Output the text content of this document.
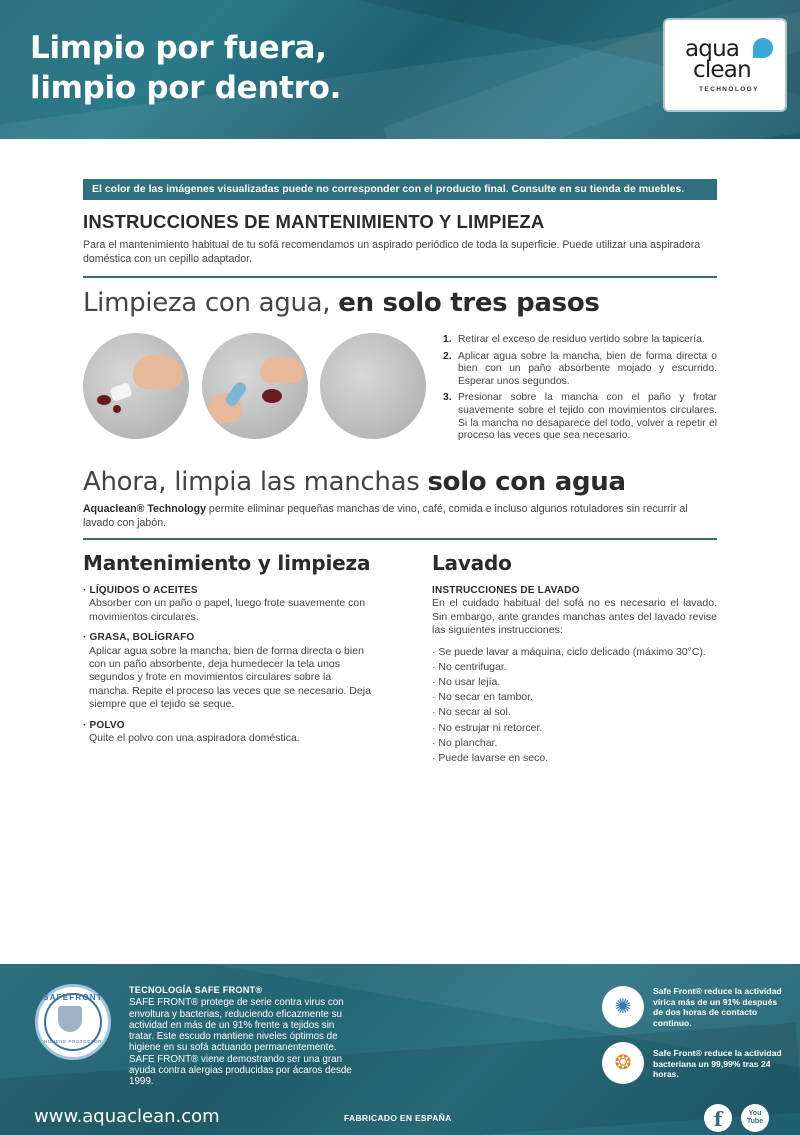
Limpio por fuera,
limpio por dentro.
aqua
clean
TECHNOLOGY
El color de las imágenes visualizadas puede no corresponder con el producto final. Consulte en su tienda de muebles.
INSTRUCCIONES DE MANTENIMIENTO Y LIMPIEZA
Para el mantenimiento habitual de tu sofá recomendamos un aspirado periódico de toda la superficie. Puede utilizar una aspiradora doméstica con un cepillo adaptador.
Limpieza con agua, en solo tres pasos
1. Retirar el exceso de residuo vertido sobre la tapicería.
2. Aplicar agua sobre la mancha, bien de forma directa o bien con un paño absorbente mojado y escurrido. Esperar unos segundos.
3. Presionar sobre la mancha con el paño y frotar suavemente sobre el tejido con movimientos circulares. Si la mancha no desaparece del todo, volver a repetir el proceso las veces que sea necesario.
Ahora, limpia las manchas solo con agua
Aquaclean® Technology permite eliminar pequeñas manchas de vino, café, comida e incluso algunos rotuladores sin recurrir al lavado con jabón.
Mantenimiento y limpieza
· LÍQUIDOS O ACEITES
Absorber con un paño o papel, luego frote suavemente con movimientos circulares.
· GRASA, BOLÍGRAFO
Aplicar agua sobre la mancha, bien de forma directa o bien con un paño absorbente, deja humedecer la tela unos segundos y frote en movimientos circulares sobre la mancha. Repite el proceso las veces que se necesario. Deja siempre que el tejido se seque.
· POLVO
Quite el polvo con una aspiradora doméstica.
Lavado
INSTRUCCIONES DE LAVADO
En el cuidado habitual del sofá no es necesario el lavado. Sin embargo, ante grandes manchas antes del lavado revise las siguientes instrucciones:
· Se puede lavar a máquina, ciclo delicado (máximo 30°C).
· No centrifugar.
· No usar lejía.
· No secar en tambor.
· No secar al sol.
· No estrujar ni retorcer.
· No planchar.
· Puede lavarse en seco.
SAFEFRONT
HIGIENE PROTECTOR
TECNOLOGÍA SAFE FRONT®
SAFE FRONT® protege de serie contra virus con envoltura y bacterias, reduciendo eficazmente su actividad en más de un 91% frente a tejidos sin tratar. Este escudo mantiene niveles óptimos de higiene en su sofá actuando permanentemente. SAFE FRONT® viene demostrando ser una gran ayuda contra alergias producidas por ácaros desde 1999.
✺
Safe Front® reduce la actividad vírica más de un 91% después de dos horas de contacto continuo.
❂	Safe Front® reduce la actividad bacteriana un 99,99% tras 24 horas.
www.aquaclean.com	FABRICADO EN ESPAÑA	f	You
Tube
